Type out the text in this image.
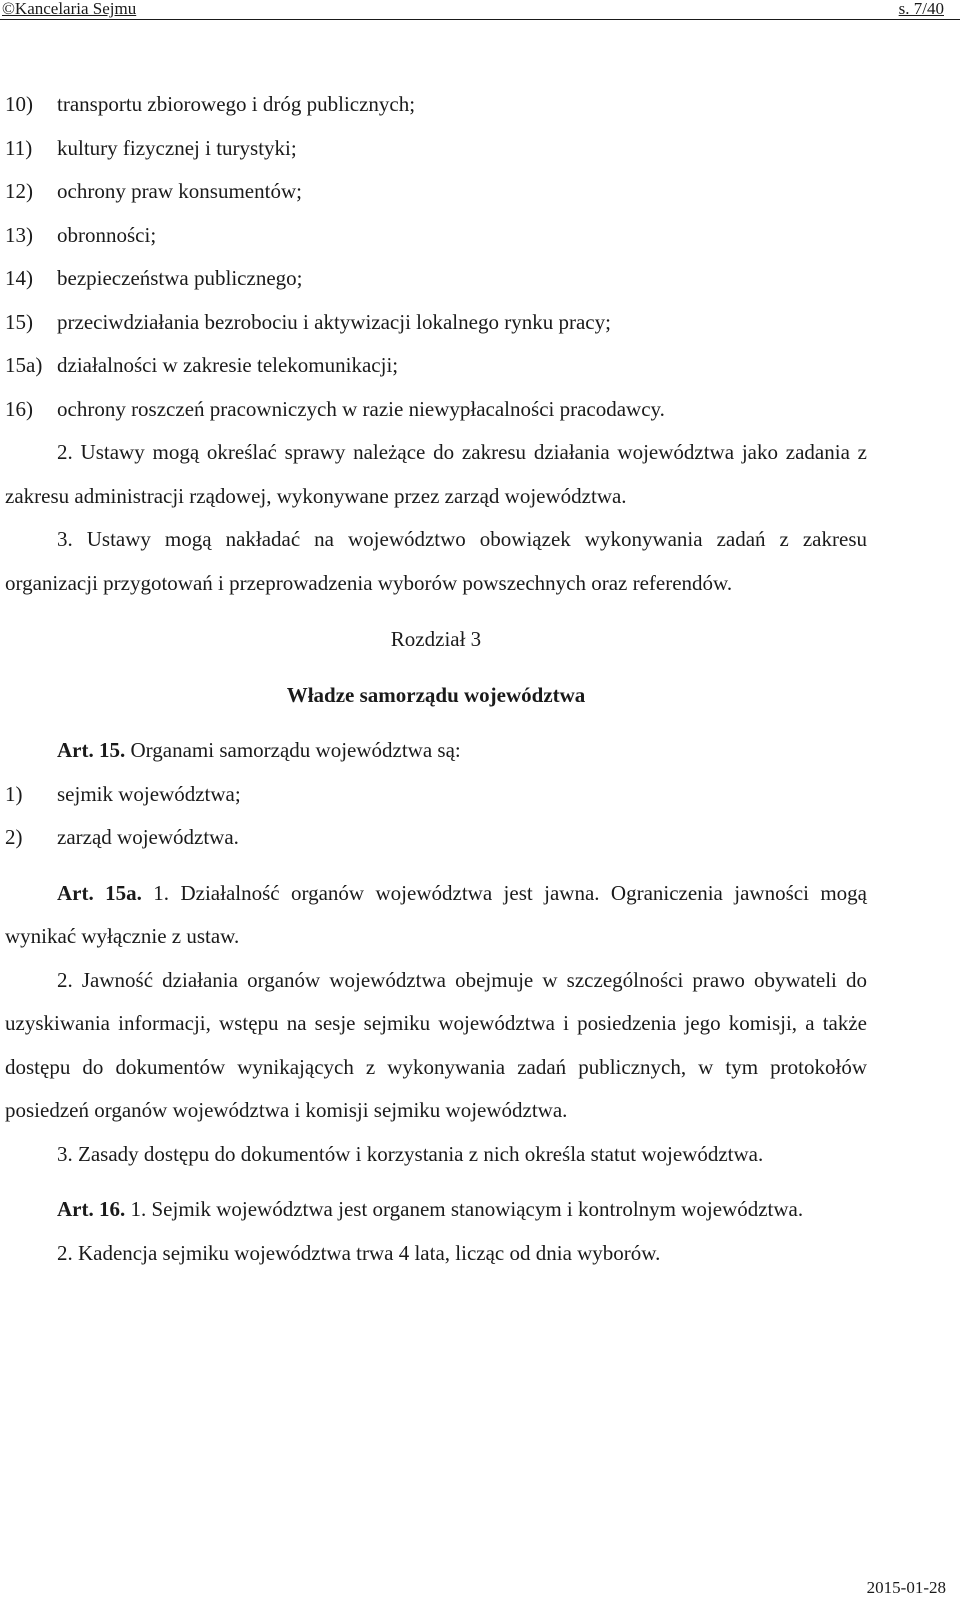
©Kancelaria Sejmu	s. 7/40
10)	transportu zbiorowego i dróg publicznych;
11)	kultury fizycznej i turystyki;
12)	ochrony praw konsumentów;
13)	obronności;
14)	bezpieczeństwa publicznego;
15)	przeciwdziałania bezrobociu i aktywizacji lokalnego rynku pracy;
15a) działalności w zakresie telekomunikacji;
16)	ochrony roszczeń pracowniczych w razie niewypłacalności pracodawcy.

2. Ustawy mogą określać sprawy należące do zakresu działania województwa jako zadania z zakresu administracji rządowej, wykonywane przez zarząd województwa.

3. Ustawy mogą nakładać na województwo obowiązek wykonywania zadań z zakresu organizacji przygotowań i przeprowadzenia wyborów powszechnych oraz referendów.

Rozdział 3
Władze samorządu województwa

Art. 15. Organami samorządu województwa są:

1)	sejmik województwa;
2)	zarząd województwa.

Art. 15a. 1. Działalność organów województwa jest jawna. Ograniczenia jawności mogą wynikać wyłącznie z ustaw.

2. Jawność działania organów województwa obejmuje w szczególności prawo obywateli do uzyskiwania informacji, wstępu na sesje sejmiku województwa i posiedzenia jego komisji, a także dostępu do dokumentów wynikających z wykonywania zadań publicznych, w tym protokołów posiedzeń organów województwa i komisji sejmiku województwa.

3. Zasady dostępu do dokumentów i korzystania z nich określa statut województwa.

Art. 16. 1. Sejmik województwa jest organem stanowiącym i kontrolnym województwa.

2. Kadencja sejmiku województwa trwa 4 lata, licząc od dnia wyborów.

2015-01-28
